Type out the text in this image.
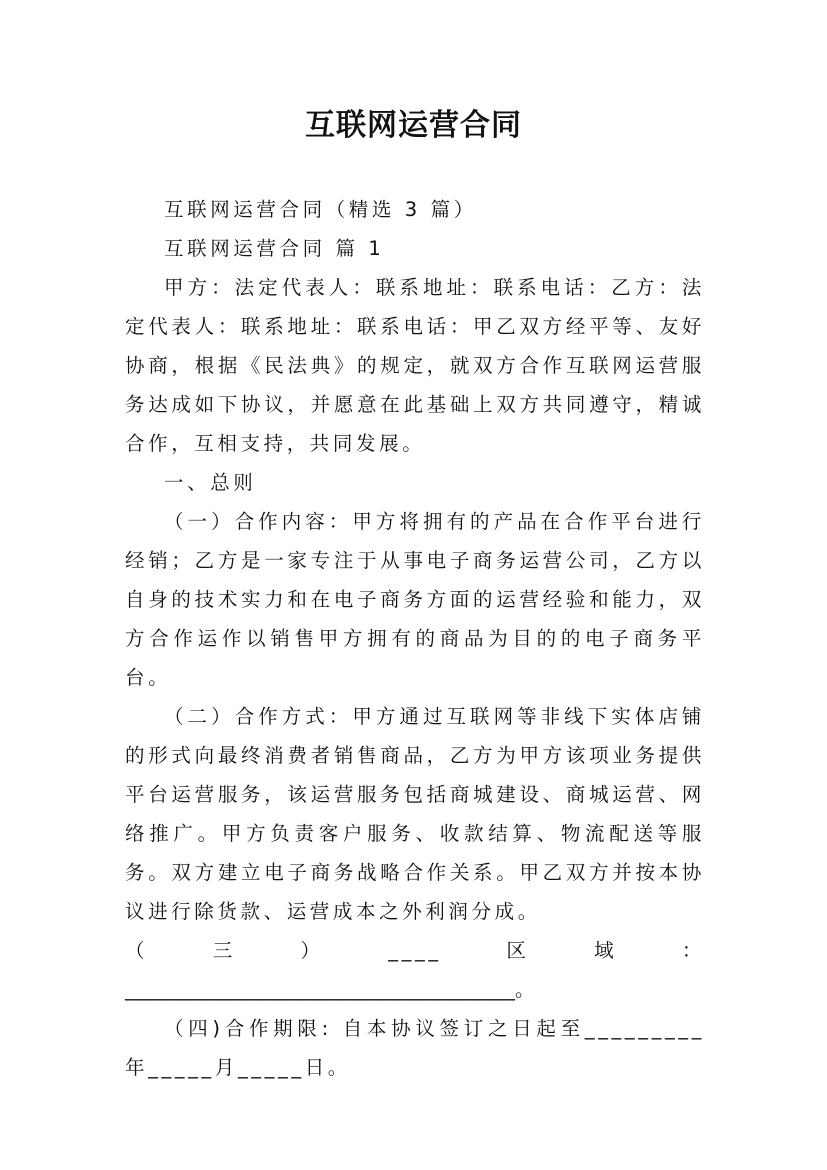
互联网运营合同

互联网运营合同（精选 3 篇）

互联网运营合同 篇 1

甲方：法定代表人：联系地址：联系电话：乙方：法定代表人：联系地址：联系电话：甲乙双方经平等、友好协商，根据《民法典》的规定，就双方合作互联网运营服务达成如下协议，并愿意在此基础上双方共同遵守，精诚合作，互相支持，共同发展。

一、总则

（一）合作内容：甲方将拥有的产品在合作平台进行经销；乙方是一家专注于从事电子商务运营公司，乙方以自身的技术实力和在电子商务方面的运营经验和能力，双方合作运作以销售甲方拥有的商品为目的的电子商务平台。

（二）合作方式：甲方通过互联网等非线下实体店铺的形式向最终消费者销售商品，乙方为甲方该项业务提供平台运营服务，该运营服务包括商城建设、商城运营、网络推广。甲方负责客户服务、收款结算、物流配送等服务。双方建立电子商务战略合作关系。甲乙双方并按本协议进行除货款、运营成本之外利润分成。

（	三	）	____	区	域	：

________________________________________。

（四)合作期限: 自本协议签订之日起至_________年_____月_____日。
